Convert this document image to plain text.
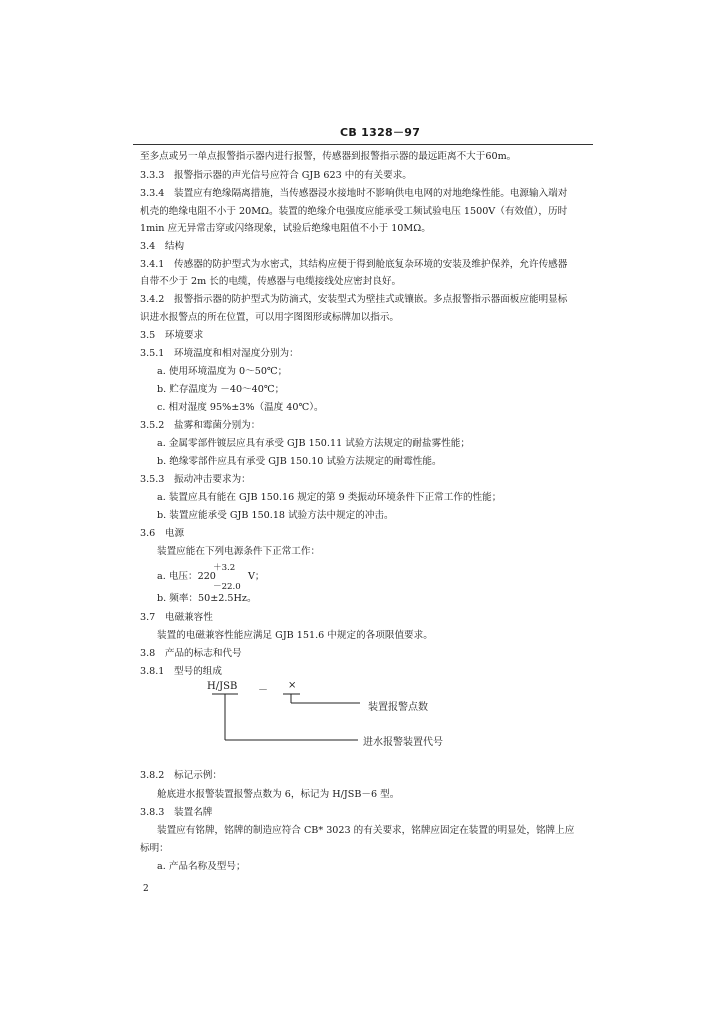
CB 1328－97
至多点或另一单点报警指示器内进行报警，传感器到报警指示器的最远距离不大于60m。
3.3.3　报警指示器的声光信号应符合 GJB 623 中的有关要求。
3.3.4　装置应有绝缘隔离措施，当传感器浸水接地时不影响供电电网的对地绝缘性能。电源输入端对
机壳的绝缘电阻不小于 20MΩ。装置的绝缘介电强度应能承受工频试验电压 1500V（有效值），历时
1min 应无异常击穿或闪络现象，试验后绝缘电阻值不小于 10MΩ。
3.4　结构
3.4.1　传感器的防护型式为水密式，其结构应便于得到舱底复杂环境的安装及维护保养，允许传感器
自带不少于 2m 长的电缆，传感器与电缆接线处应密封良好。
3.4.2　报警指示器的防护型式为防滴式，安装型式为壁挂式或镶嵌。多点报警指示器面板应能明显标
识进水报警点的所在位置，可以用字图图形或标牌加以指示。
3.5　环境要求
3.5.1　环境温度和相对湿度分别为：
a. 使用环境温度为 0～50℃；
b. 贮存温度为 －40～40℃；
c. 相对湿度 95%±3%（温度 40℃）。
3.5.2　盐雾和霉菌分别为：
a. 金属零部件镀层应具有承受 GJB 150.11 试验方法规定的耐盐雾性能；
b. 绝缘零部件应具有承受 GJB 150.10 试验方法规定的耐霉性能。
3.5.3　振动冲击要求为：
a. 装置应具有能在 GJB 150.16 规定的第 9 类振动环境条件下正常工作的性能；
b. 装置应能承受 GJB 150.18 试验方法中规定的冲击。
3.6　电源
装置应能在下列电源条件下正常工作：
a. 电压：220
＋3.2
－22.0
V；
b. 频率：50±2.5Hz。
3.7　电磁兼容性
装置的电磁兼容性能应满足 GJB 151.6 中规定的各项限值要求。
3.8　产品的标志和代号
3.8.1　型号的组成
H/JSB － ×
装置报警点数
进水报警装置代号
3.8.2　标记示例：
舱底进水报警装置报警点数为 6，标记为 H/JSB－6 型。
3.8.3　装置名牌
装置应有铭牌，铭牌的制造应符合 CB* 3023 的有关要求，铭牌应固定在装置的明显处，铭牌上应
标明：
a. 产品名称及型号；
2
